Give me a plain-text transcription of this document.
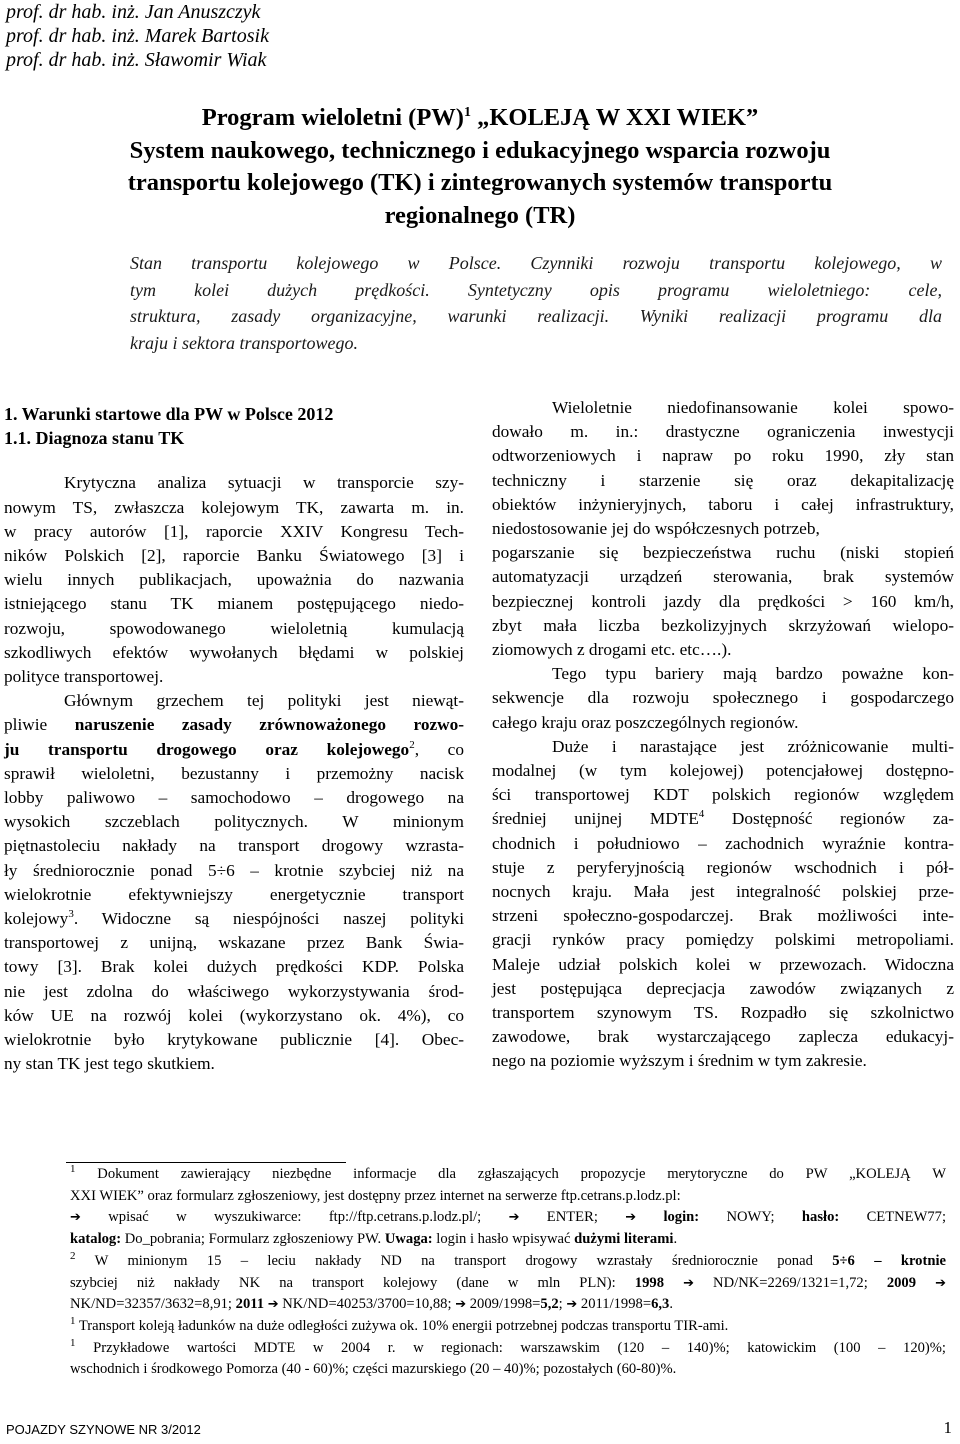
prof. dr hab. inż. Jan Anuszczyk
prof. dr hab. inż. Marek Bartosik
prof. dr hab. inż. Sławomir Wiak
Program wieloletni (PW)$^1$ „KOLEJĄ W XXI WIEK”
System naukowego, technicznego i edukacyjnego wsparcia rozwoju
transportu kolejowego (TK) i zintegrowanych systemów transportu
regionalnego (TR)
Stan transportu kolejowego w Polsce. Czynniki rozwoju transportu kolejowego, w
tym kolei dużych prędkości. Syntetyczny opis programu wieloletniego: cele,
struktura, zasady organizacyjne, warunki realizacji. Wyniki realizacji programu dla
kraju i sektora transportowego.
1. Warunki startowe dla PW w Polsce 2012
1.1. Diagnoza stanu TK
Krytyczna analiza sytuacji w transporcie szy-
nowym TS, zwłaszcza kolejowym TK, zawarta m. in.
w pracy autorów [1], raporcie XXIV Kongresu Tech-
ników Polskich [2], raporcie Banku Światowego [3] i
wielu innych publikacjach, upoważnia do nazwania
istniejącego stanu TK mianem postępującego niedo-
rozwoju, spowodowanego wieloletnią kumulacją
szkodliwych efektów wywołanych błędami w polskiej
polityce transportowej.
Głównym grzechem tej polityki jest niewąt-
pliwie naruszenie zasady zrównoważonego rozwo-
ju transportu drogowego oraz kolejowego$^2$, co
sprawił wieloletni, bezustanny i przemożny nacisk
lobby paliwowo – samochodowo – drogowego na
wysokich szczeblach politycznych. W minionym
piętnastoleciu nakłady na transport drogowy wzrasta-
ły średniorocznie ponad 5÷6 – krotnie szybciej niż na
wielokrotnie efektywniejszy energetycznie transport
kolejowy$^3$. Widoczne są niespójności naszej polityki
transportowej z unijną, wskazane przez Bank Świa-
towy [3]. Brak kolei dużych prędkości KDP. Polska
nie jest zdolna do właściwego wykorzystywania środ-
ków UE na rozwój kolei (wykorzystano ok. 4%), co
wielokrotnie było krytykowane publicznie [4]. Obec-
ny stan TK jest tego skutkiem.
Wieloletnie niedofinansowanie kolei spowo-
dowało m. in.: drastyczne ograniczenia inwestycji
odtworzeniowych i napraw po roku 1990, zły stan
techniczny i starzenie się oraz dekapitalizację
obiektów inżynieryjnych, taboru i całej infrastruktury,
niedostosowanie jej do współczesnych potrzeb,
pogarszanie się bezpieczeństwa ruchu (niski stopień
automatyzacji urządzeń sterowania, brak systemów
bezpiecznej kontroli jazdy dla prędkości > 160 km/h,
zbyt mała liczba bezkolizyjnych skrzyżowań wielopo-
ziomowych z drogami etc. etc….).
Tego typu bariery mają bardzo poważne kon-
sekwencje dla rozwoju społecznego i gospodarczego
całego kraju oraz poszczególnych regionów.
Duże i narastające jest zróżnicowanie multi-
modalnej (w tym kolejowej) potencjałowej dostępno-
ści transportowej KDT polskich regionów względem
średniej unijnej MDTE$^4$ Dostępność regionów za-
chodnich i południowo – zachodnich wyraźnie kontra-
stuje z peryferyjnością regionów wschodnich i pół-
nocnych kraju. Mała jest integralność polskiej prze-
strzeni społeczno-gospodarczej. Brak możliwości inte-
gracji rynków pracy pomiędzy polskimi metropoliami.
Maleje udział polskich kolei w przewozach. Widoczna
jest postępująca deprecjacja zawodów związanych z
transportem szynowym TS. Rozpadło się szkolnictwo
zawodowe, brak wystarczającego zaplecza edukacyj-
nego na poziomie wyższym i średnim w tym zakresie.
$^1$ Dokument zawierający niezbędne informacje dla zgłaszających propozycje merytoryczne do PW „KOLEJĄ W
XXI WIEK” oraz formularz zgłoszeniowy, jest dostępny przez internet na serwerze ftp.cetrans.p.lodz.pl:
➔ wpisać w wyszukiwarce: ftp://ftp.cetrans.p.lodz.pl/; ➔ ENTER; ➔ login: NOWY; hasło: CETNEW77;
katalog: Do_pobrania; Formularz zgłoszeniowy PW. Uwaga: login i hasło wpisywać dużymi literami.
$^2$ W minionym 15 – leciu nakłady ND na transport drogowy wzrastały średniorocznie ponad 5÷6 – krotnie
szybciej niż nakłady NK na transport kolejowy (dane w mln PLN): 1998 ➔ ND/NK=2269/1321=1,72; 2009 ➔
NK/ND=32357/3632=8,91; 2011 ➔ NK/ND=40253/3700=10,88; ➔ 2009/1998=5,2; ➔ 2011/1998=6,3.
$^1$ Transport koleją ładunków na duże odległości zużywa ok. 10% energii potrzebnej podczas transportu TIR-ami.
$^1$ Przykładowe wartości MDTE w 2004 r. w regionach: warszawskim (120 – 140)%; katowickim (100 – 120)%;
wschodnich i środkowego Pomorza (40 - 60)%; części mazurskiego (20 – 40)%; pozostałych (60-80)%.
POJAZDY SZYNOWE NR 3/2012	1
